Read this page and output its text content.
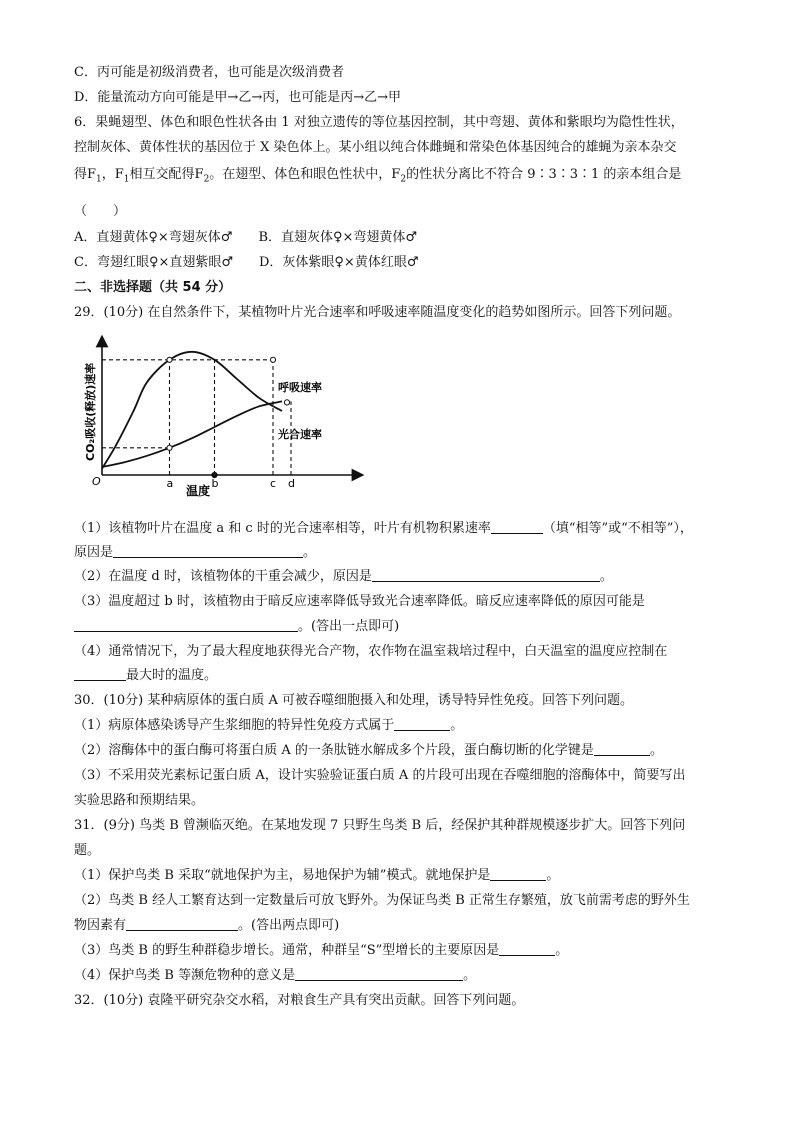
C．丙可能是初级消费者，也可能是次级消费者
D．能量流动方向可能是甲→乙→丙，也可能是丙→乙→甲
6．果蝇翅型、体色和眼色性状各由 1 对独立遗传的等位基因控制，其中弯翅、黄体和紫眼均为隐性性状，
控制灰体、黄体性状的基因位于 X 染色体上。某小组以纯合体雌蝇和常染色体基因纯合的雄蝇为亲本杂交
得$F_1$，$F_1$相互交配得$F_2$。在翅型、体色和眼色性状中，$F_2$的性状分离比不符合 9∶3∶3∶1 的亲本组合是
（　　）
A．直翅黄体♀×弯翅灰体♂ B．直翅灰体♀×弯翅黄体♂
C．弯翅红眼♀×直翅紫眼♂ D．灰体紫眼♀×黄体红眼♂
二、非选择题（共 54 分）
29．(10分) 在自然条件下，某植物叶片光合速率和呼吸速率随温度变化的趋势如图所示。回答下列问题。
O
CO₂吸收(释放)速率
温度
a	b	c d
呼吸速率
光合速率
（1）该植物叶片在温度 a 和 c 时的光合速率相等，叶片有机物积累速率	（填“相等”或“不相等”），
原因是	。
（2）在温度 d 时，该植物体的干重会减少，原因是	。
（3）温度超过 b 时，该植物由于暗反应速率降低导致光合速率降低。暗反应速率降低的原因可能是
。(答出一点即可)
（4）通常情况下，为了最大程度地获得光合产物，农作物在温室栽培过程中，白天温室的温度应控制在
最大时的温度。
30．(10分) 某种病原体的蛋白质 A 可被吞噬细胞摄入和处理，诱导特异性免疫。回答下列问题。
（1）病原体感染诱导产生浆细胞的特异性免疫方式属于	。
（2）溶酶体中的蛋白酶可将蛋白质 A 的一条肽链水解成多个片段，蛋白酶切断的化学键是	。
（3）不采用荧光素标记蛋白质 A，设计实验验证蛋白质 A 的片段可出现在吞噬细胞的溶酶体中，简要写出
实验思路和预期结果。
31．(9分) 鸟类 B 曾濒临灭绝。在某地发现 7 只野生鸟类 B 后，经保护其种群规模逐步扩大。回答下列问
题。
（1）保护鸟类 B 采取“就地保护为主，易地保护为辅”模式。就地保护是	。
（2）鸟类 B 经人工繁育达到一定数量后可放飞野外。为保证鸟类 B 正常生存繁殖，放飞前需考虑的野外生
物因素有	。(答出两点即可)
（3）鸟类 B 的野生种群稳步增长。通常，种群呈“S”型增长的主要原因是	。
（4）保护鸟类 B 等濒危物种的意义是	。
32．(10分) 袁隆平研究杂交水稻，对粮食生产具有突出贡献。回答下列问题。
